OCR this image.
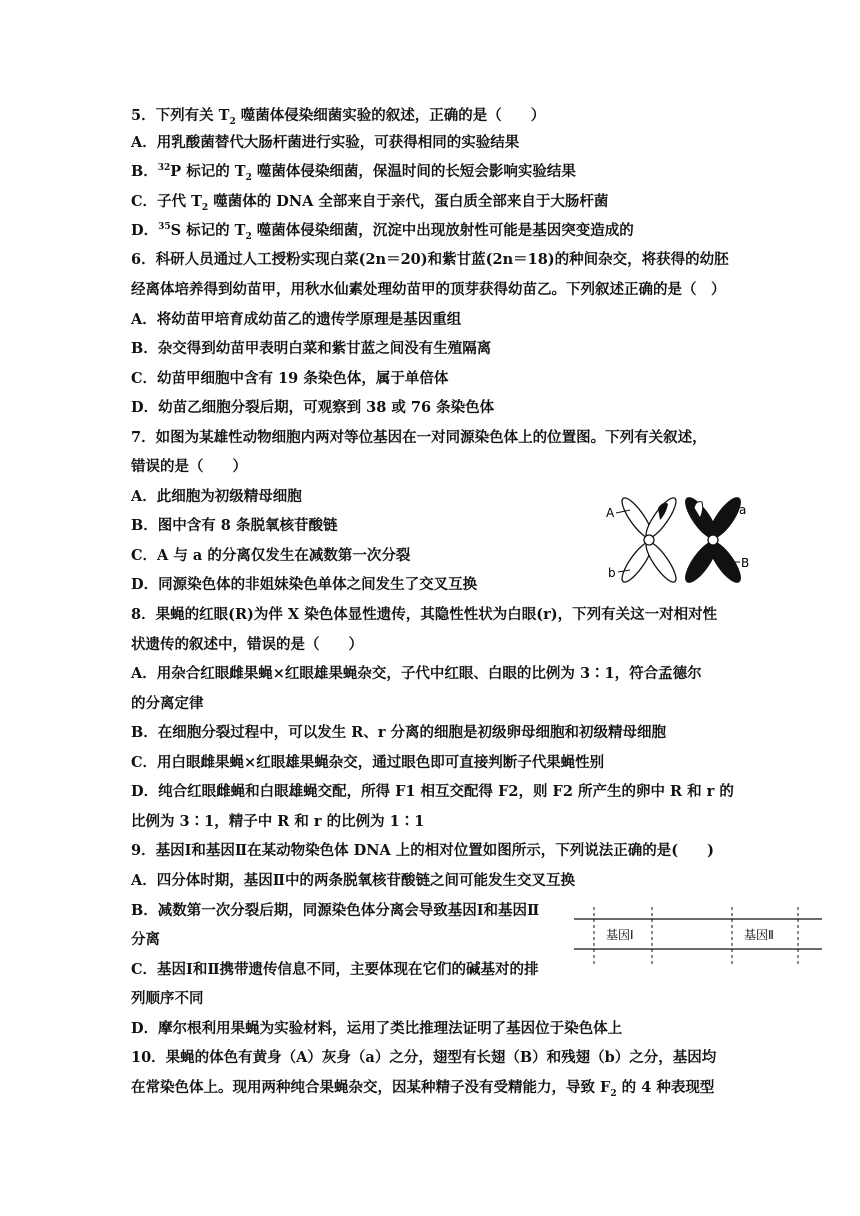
5．下列有关 $T_2$ 噬菌体侵染细菌实验的叙述，正确的是（　　）
A．用乳酸菌替代大肠杆菌进行实验，可获得相同的实验结果
B．$^{32}$P 标记的 $T_2$ 噬菌体侵染细菌，保温时间的长短会影响实验结果
C．子代 $T_2$ 噬菌体的 DNA 全部来自于亲代，蛋白质全部来自于大肠杆菌
D．$^{35}$S 标记的 $T_2$ 噬菌体侵染细菌，沉淀中出现放射性可能是基因突变造成的
6．科研人员通过人工授粉实现白菜(2n＝20)和紫甘蓝(2n＝18)的种间杂交，将获得的幼胚
经离体培养得到幼苗甲，用秋水仙素处理幼苗甲的顶芽获得幼苗乙。下列叙述正确的是（　）
A．将幼苗甲培育成幼苗乙的遗传学原理是基因重组
B．杂交得到幼苗甲表明白菜和紫甘蓝之间没有生殖隔离
C．幼苗甲细胞中含有 19 条染色体，属于单倍体
D．幼苗乙细胞分裂后期，可观察到 38 或 76 条染色体
7．如图为某雄性动物细胞内两对等位基因在一对同源染色体上的位置图。下列有关叙述，
错误的是（　　）
A．此细胞为初级精母细胞
B．图中含有 8 条脱氧核苷酸链
C．A 与 a 的分离仅发生在减数第一次分裂
D．同源染色体的非姐妹染色单体之间发生了交叉互换
A
b
a
B
8．果蝇的红眼(R)为伴 X 染色体显性遗传，其隐性性状为白眼(r)，下列有关这一对相对性
状遗传的叙述中，错误的是（　　）
A．用杂合红眼雌果蝇×红眼雄果蝇杂交，子代中红眼、白眼的比例为 3∶1，符合孟德尔
的分离定律
B．在细胞分裂过程中，可以发生 R、r 分离的细胞是初级卵母细胞和初级精母细胞
C．用白眼雌果蝇×红眼雄果蝇杂交，通过眼色即可直接判断子代果蝇性别
D．纯合红眼雌蝇和白眼雄蝇交配，所得 F1 相互交配得 F2，则 F2 所产生的卵中 R 和 r 的
比例为 3∶1，精子中 R 和 r 的比例为 1∶1
9．基因Ⅰ和基因Ⅱ在某动物染色体 DNA 上的相对位置如图所示，下列说法正确的是(　　)
A．四分体时期，基因Ⅱ中的两条脱氧核苷酸链之间可能发生交叉互换
B．减数第一次分裂后期，同源染色体分离会导致基因Ⅰ和基因Ⅱ
分离
C．基因Ⅰ和Ⅱ携带遗传信息不同，主要体现在它们的碱基对的排
列顺序不同
D．摩尔根利用果蝇为实验材料，运用了类比推理法证明了基因位于染色体上
基因Ⅰ	基因Ⅱ
10．果蝇的体色有黄身（A）灰身（a）之分，翅型有长翅（B）和残翅（b）之分，基因均
在常染色体上。现用两种纯合果蝇杂交，因某种精子没有受精能力，导致 $F_2$ 的 4 种表现型
